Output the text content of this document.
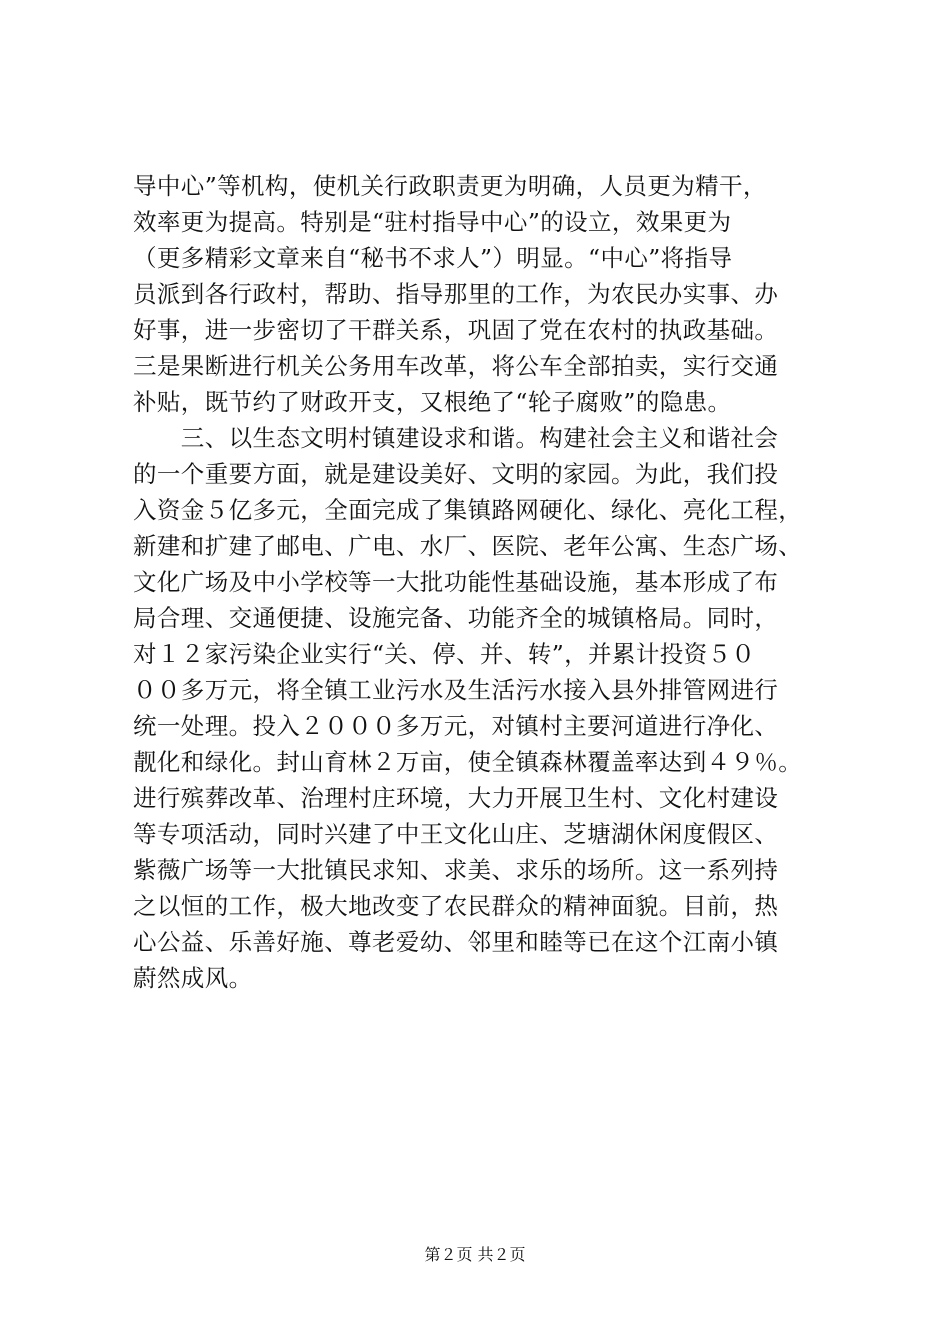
导中心”等机构，使机关行政职责更为明确，人员更为精干，
效率更为提高。特别是“驻村指导中心”的设立，效果更为
（更多精彩文章来自“秘书不求人”）明显。“中心”将指导
员派到各行政村，帮助、指导那里的工作，为农民办实事、办
好事，进一步密切了干群关系，巩固了党在农村的执政基础。
三是果断进行机关公务用车改革，将公车全部拍卖，实行交通
补贴，既节约了财政开支，又根绝了“轮子腐败”的隐患。
　　三、以生态文明村镇建设求和谐。构建社会主义和谐社会
的一个重要方面，就是建设美好、文明的家园。为此，我们投
入资金５亿多元，全面完成了集镇路网硬化、绿化、亮化工程，
新建和扩建了邮电、广电、水厂、医院、老年公寓、生态广场、
文化广场及中小学校等一大批功能性基础设施，基本形成了布
局合理、交通便捷、设施完备、功能齐全的城镇格局。同时，
对１２家污染企业实行“关、停、并、转”，并累计投资５０
００多万元，将全镇工业污水及生活污水接入县外排管网进行
统一处理。投入２０００多万元，对镇村主要河道进行净化、
靓化和绿化。封山育林２万亩，使全镇森林覆盖率达到４９％。
进行殡葬改革、治理村庄环境，大力开展卫生村、文化村建设
等专项活动，同时兴建了中王文化山庄、芝塘湖休闲度假区、
紫薇广场等一大批镇民求知、求美、求乐的场所。这一系列持
之以恒的工作，极大地改变了农民群众的精神面貌。目前，热
心公益、乐善好施、尊老爱幼、邻里和睦等已在这个江南小镇
蔚然成风。
第２页 共２页
